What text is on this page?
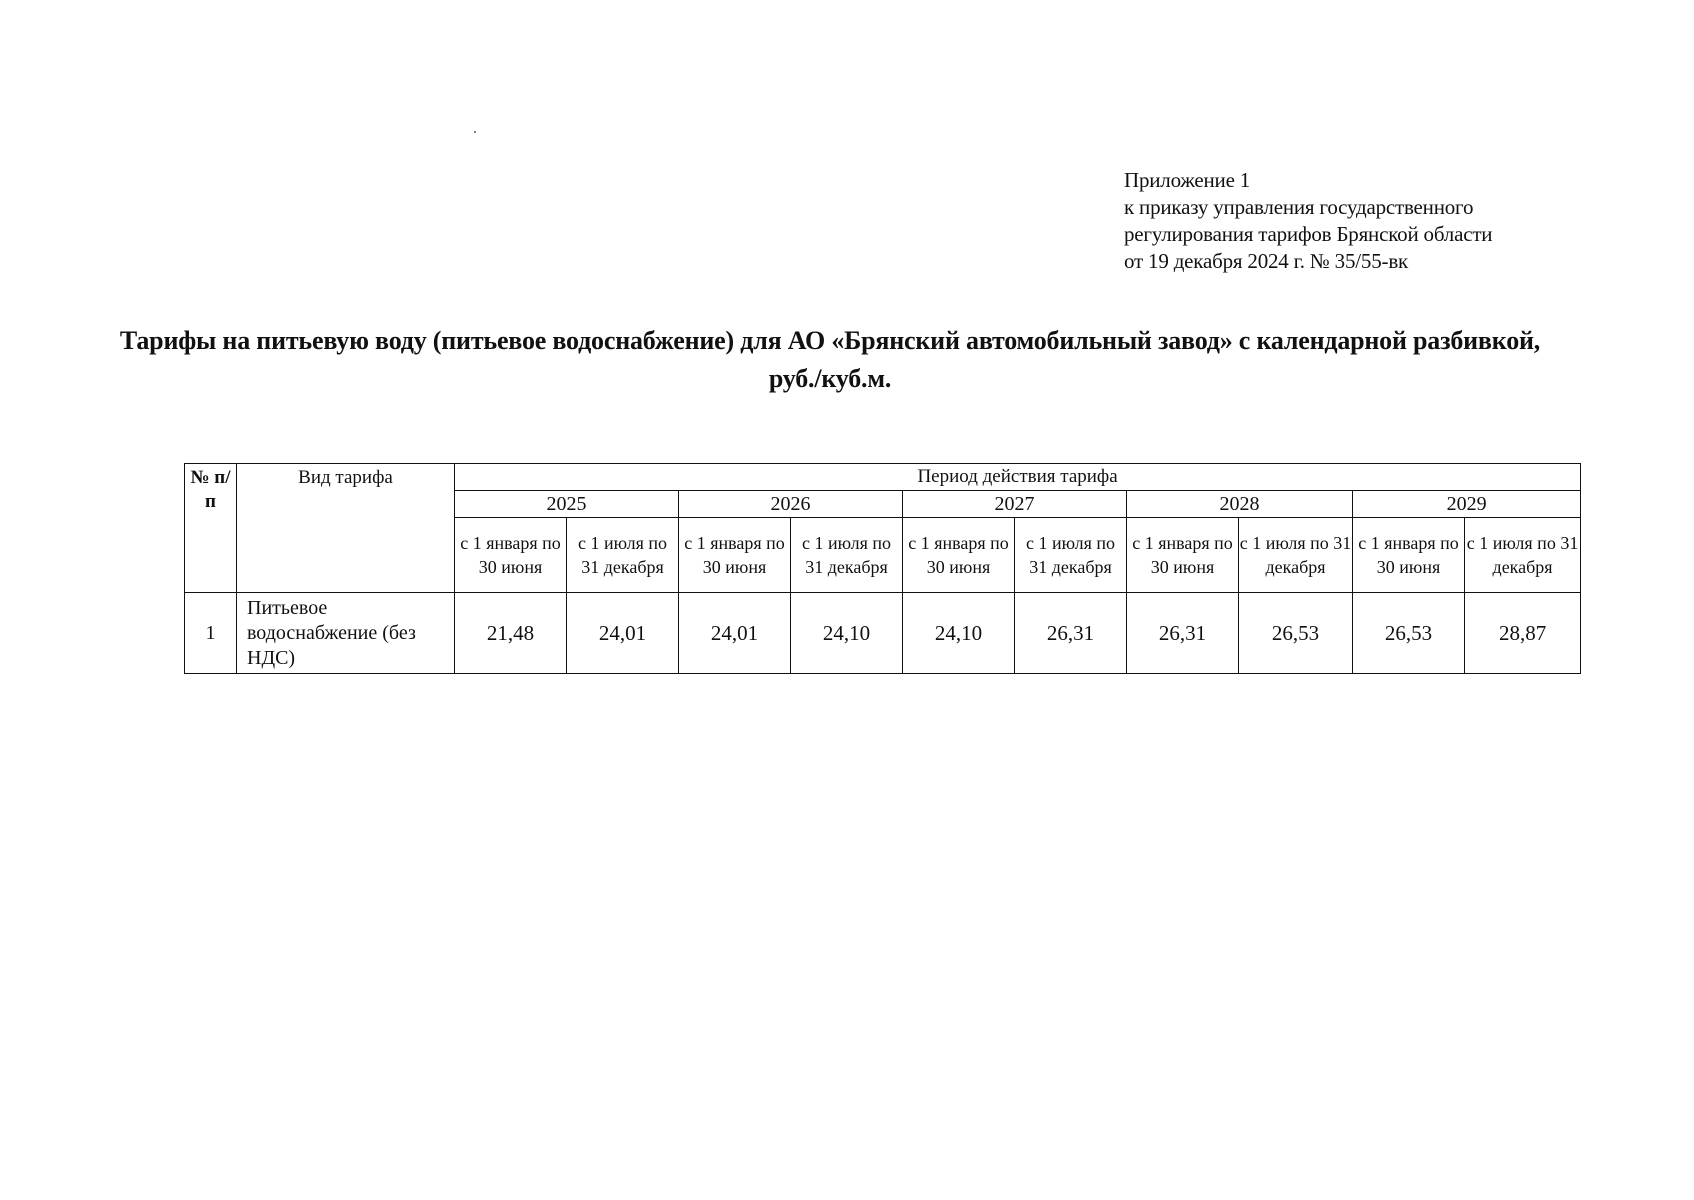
Приложение 1
к приказу управления государственного
регулирования тарифов Брянской области
от 19 декабря 2024 г. № 35/55-вк
Тарифы на питьевую воду (питьевое водоснабжение) для АО «Брянский автомобильный завод» с календарной разбивкой,
руб./куб.м.
№ п/п	Вид тарифа	Период действия тарифа									
		2025		2026		2027		2028		2029	
		с 1 января по 30 июня	с 1 июля по 31 декабря	с 1 января по 30 июня	с 1 июля по 31 декабря	с 1 января по 30 июня	с 1 июля по 31 декабря	с 1 января по 30 июня	с 1 июля по 31 декабря	с 1 января по 30 июня	с 1 июля по 31 декабря
1	Питьевое водоснабжение (без НДС)	21,48	24,01	24,01	24,10	24,10	26,31	26,31	26,53	26,53	28,87
